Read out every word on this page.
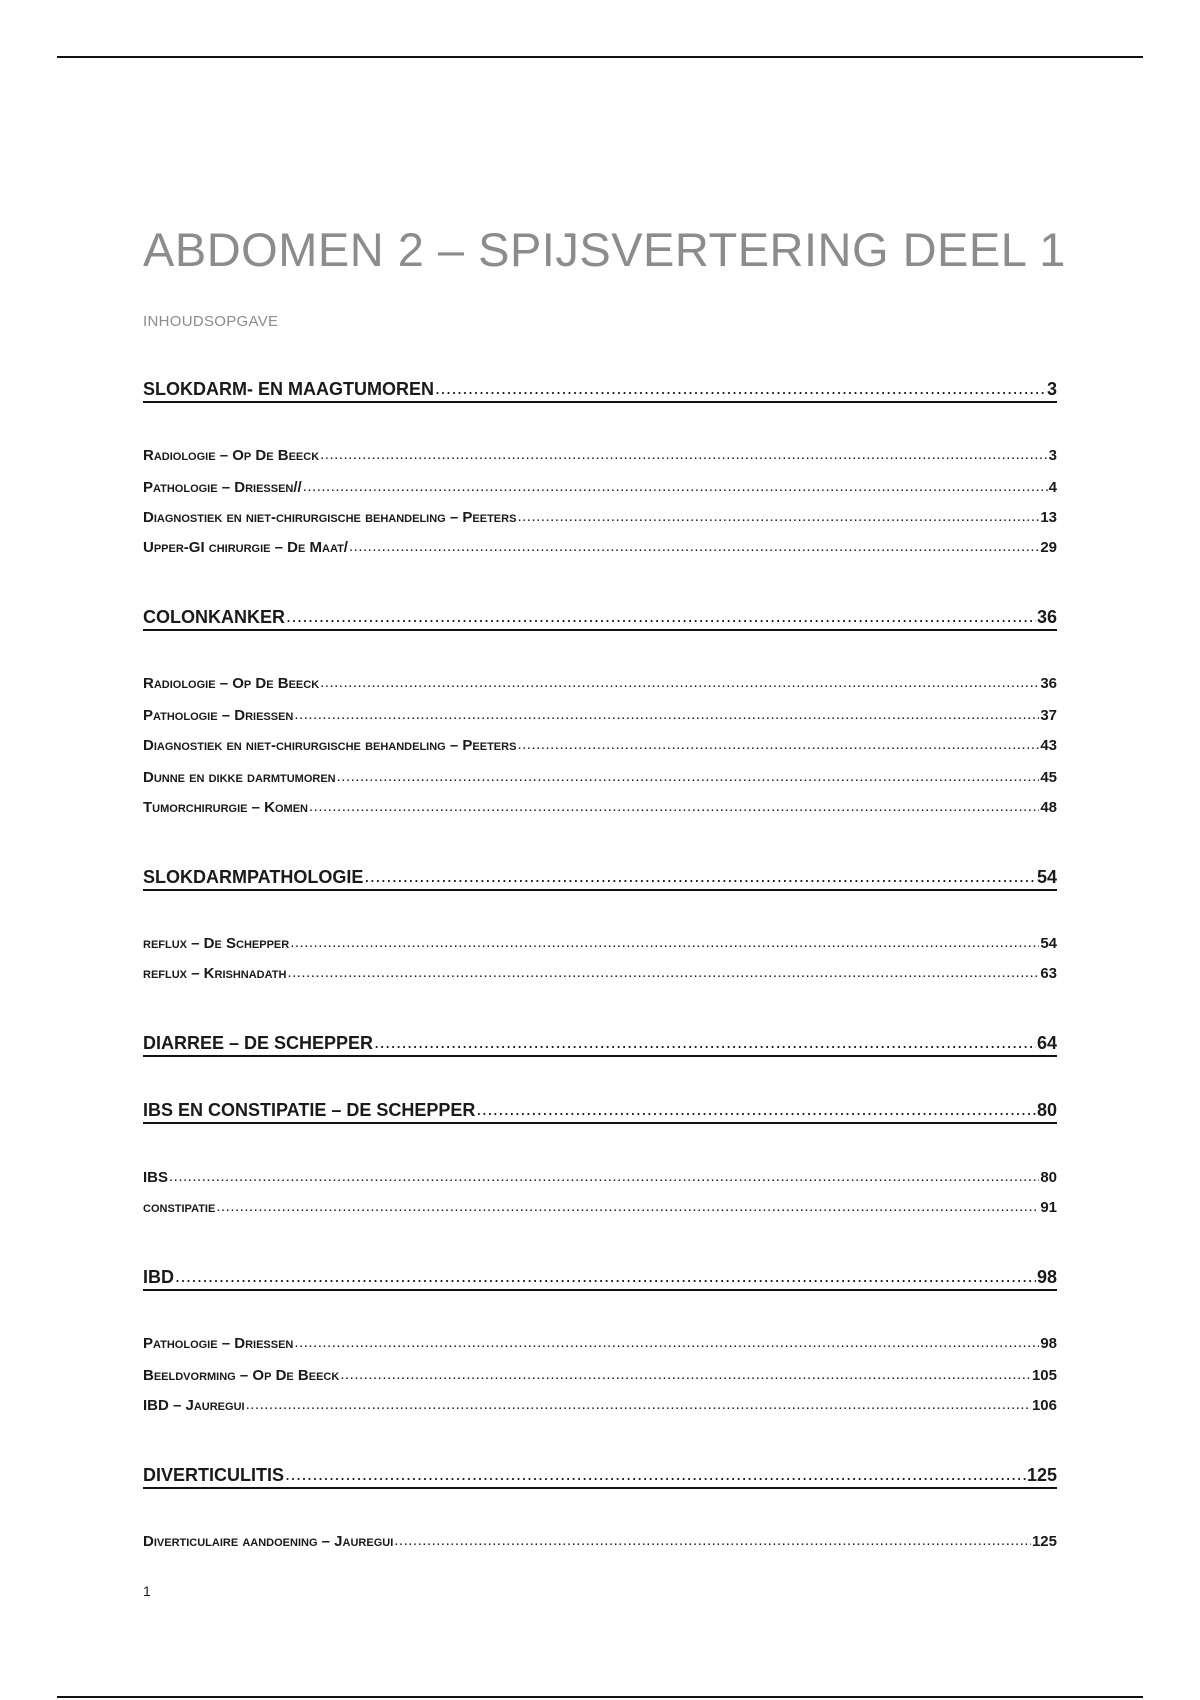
ABDOMEN 2 – SPIJSVERTERING DEEL 1
INHOUDSOPGAVE
SLOKDARM- EN MAAGTUMOREN .....	3
Radiologie – Op De Beeck .....	3
Pathologie – Driessen// .....	4
Diagnostiek en niet-chirurgische behandeling – Peeters .....	13
Upper-GI chirurgie – De Maat/ .....	29
COLONKANKER .....	36
Radiologie – Op De Beeck .....	36
Pathologie – Driessen .....	37
Diagnostiek en niet-chirurgische behandeling – Peeters .....	43
Dunne en dikke darmtumoren .....	45
Tumorchirurgie – Komen .....	48
SLOKDARMPATHOLOGIE .....	54
reflux – De Schepper .....	54
reflux – Krishnadath .....	63
DIARREE – DE SCHEPPER .....	64
IBS EN CONSTIPATIE – DE SCHEPPER .....	80
IBS .....	80
constipatie .....	91
IBD .....	98
Pathologie – Driessen .....	98
Beeldvorming – Op De Beeck .....	105
IBD – Jauregui .....	106
DIVERTICULITIS .....	125
Diverticulaire aandoening – Jauregui .....	125
1
